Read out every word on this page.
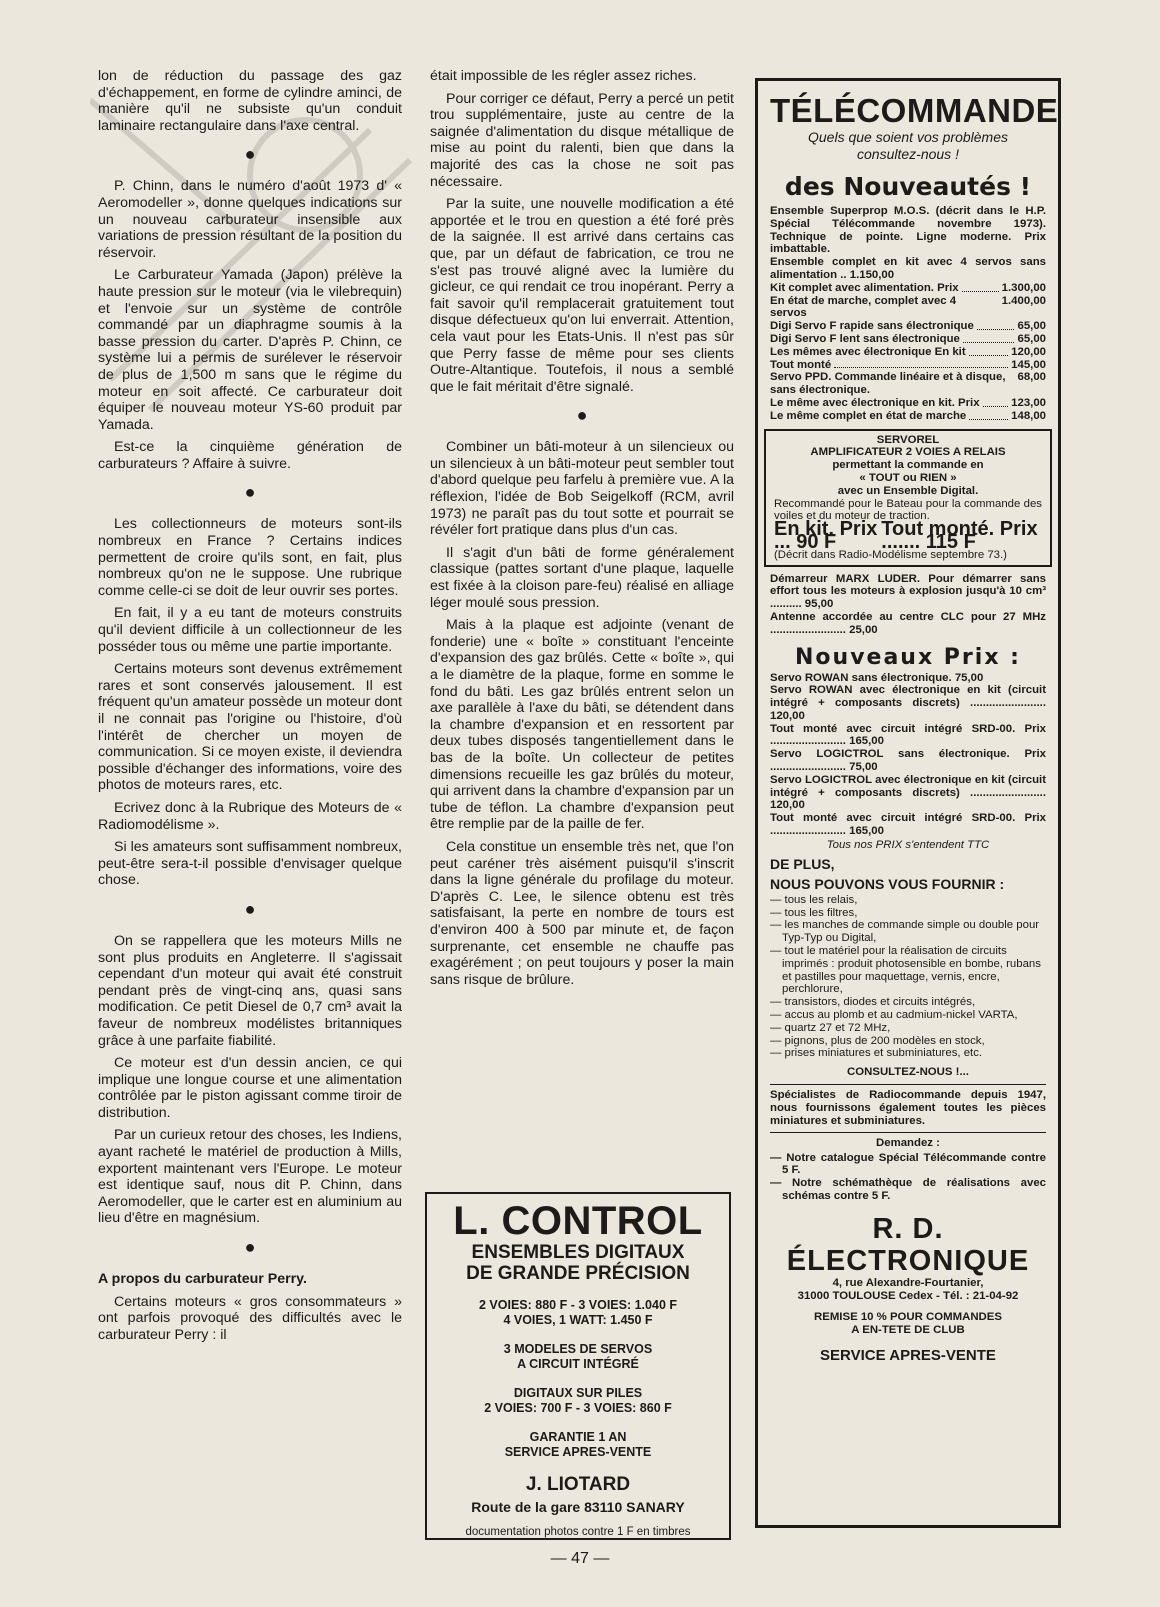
lon de réduction du passage des gaz d'échappement, en forme de cylindre aminci, de manière qu'il ne subsiste qu'un conduit laminaire rectangulaire dans l'axe central.

●

P. Chinn, dans le numéro d'août 1973 d' « Aeromodeller », donne quelques indications sur un nouveau carburateur insensible aux variations de pression résultant de la position du réservoir.

Le Carburateur Yamada (Japon) prélève la haute pression sur le moteur (via le vilebrequin) et l'envoie sur un système de contrôle commandé par un diaphragme soumis à la basse pression du carter. D'après P. Chinn, ce système lui a permis de surélever le réservoir de plus de 1,500 m sans que le régime du moteur en soit affecté. Ce carburateur doit équiper le nouveau moteur YS-60 produit par Yamada.

Est-ce la cinquième génération de carburateurs ? Affaire à suivre.

●

Les collectionneurs de moteurs sont-ils nombreux en France ? Certains indices permettent de croire qu'ils sont, en fait, plus nombreux qu'on ne le suppose. Une rubrique comme celle-ci se doit de leur ouvrir ses portes.

En fait, il y a eu tant de moteurs construits qu'il devient difficile à un collectionneur de les posséder tous ou même une partie importante.

Certains moteurs sont devenus extrêmement rares et sont conservés jalousement. Il est fréquent qu'un amateur possède un moteur dont il ne connait pas l'origine ou l'histoire, d'où l'intérêt de chercher un moyen de communication. Si ce moyen existe, il deviendra possible d'échanger des informations, voire des photos de moteurs rares, etc.

Ecrivez donc à la Rubrique des Moteurs de « Radiomodélisme ».

Si les amateurs sont suffisamment nombreux, peut-être sera-t-il possible d'envisager quelque chose.

●

On se rappellera que les moteurs Mills ne sont plus produits en Angleterre. Il s'agissait cependant d'un moteur qui avait été construit pendant près de vingt-cinq ans, quasi sans modification. Ce petit Diesel de 0,7 cm³ avait la faveur de nombreux modélistes britanniques grâce à une parfaite fiabilité.

Ce moteur est d'un dessin ancien, ce qui implique une longue course et une alimentation contrôlée par le piston agissant comme tiroir de distribution.

Par un curieux retour des choses, les Indiens, ayant racheté le matériel de production à Mills, exportent maintenant vers l'Europe. Le moteur est identique sauf, nous dit P. Chinn, dans Aeromodeller, que le carter est en aluminium au lieu d'être en magnésium.

●

A propos du carburateur Perry.

Certains moteurs « gros consommateurs » ont parfois provoqué des difficultés avec le carburateur Perry : il

était impossible de les régler assez riches.

Pour corriger ce défaut, Perry a percé un petit trou supplémentaire, juste au centre de la saignée d'alimentation du disque métallique de mise au point du ralenti, bien que dans la majorité des cas la chose ne soit pas nécessaire.

Par la suite, une nouvelle modification a été apportée et le trou en question a été foré près de la saignée. Il est arrivé dans certains cas que, par un défaut de fabrication, ce trou ne s'est pas trouvé aligné avec la lumière du gicleur, ce qui rendait ce trou inopérant. Perry a fait savoir qu'il remplacerait gratuitement tout disque défectueux qu'on lui enverrait. Attention, cela vaut pour les Etats-Unis. Il n'est pas sûr que Perry fasse de même pour ses clients Outre-Altantique. Toutefois, il nous a semblé que le fait méritait d'être signalé.

●

Combiner un bâti-moteur à un silencieux ou un silencieux à un bâti-moteur peut sembler tout d'abord quelque peu farfelu à première vue. A la réflexion, l'idée de Bob Seigelkoff (RCM, avril 1973) ne paraît pas du tout sotte et pourrait se révéler fort pratique dans plus d'un cas.

Il s'agit d'un bâti de forme généralement classique (pattes sortant d'une plaque, laquelle est fixée à la cloison pare-feu) réalisé en alliage léger moulé sous pression.

Mais à la plaque est adjointe (venant de fonderie) une « boîte » constituant l'enceinte d'expansion des gaz brûlés. Cette « boîte », qui a le diamètre de la plaque, forme en somme le fond du bâti. Les gaz brûlés entrent selon un axe parallèle à l'axe du bâti, se détendent dans la chambre d'expansion et en ressortent par deux tubes disposés tangentiellement dans le bas de la boîte. Un collecteur de petites dimensions recueille les gaz brûlés du moteur, qui arrivent dans la chambre d'expansion par un tube de téflon. La chambre d'expansion peut être remplie par de la paille de fer.

Cela constitue un ensemble très net, que l'on peut caréner très aisément puisqu'il s'inscrit dans la ligne générale du profilage du moteur. D'après C. Lee, le silence obtenu est très satisfaisant, la perte en nombre de tours est d'environ 400 à 500 par minute et, de façon surprenante, cet ensemble ne chauffe pas exagérément ; on peut toujours y poser la main sans risque de brûlure.

L. CONTROL
ENSEMBLES DIGITAUX
DE GRANDE PRÉCISION
2 VOIES: 880 F - 3 VOIES: 1.040 F
4 VOIES, 1 WATT: 1.450 F
3 MODELES DE SERVOS
A CIRCUIT INTÉGRÉ
DIGITAUX SUR PILES
2 VOIES: 700 F - 3 VOIES: 860 F
GARANTIE 1 AN
SERVICE APRES-VENTE
J. LIOTARD
Route de la gare 83110 SANARY
documentation photos contre 1 F en timbres
TÉLÉCOMMANDE
Quels que soient vos problèmes
consultez-nous !
des Nouveautés !
Ensemble Superprop M.O.S. (décrit dans le H.P. Spécial Télécommande novembre 1973). Technique de pointe. Ligne moderne. Prix imbattable.
Ensemble complet en kit avec 4 servos sans alimentation .. 1.150,00
Kit complet avec alimentation. Prix	1.300,00
En état de marche, complet avec 4 servos
1.400,00
Digi Servo F rapide sans électronique	65,00
Digi Servo F lent sans électronique	65,00
Les mêmes avec électronique En kit	120,00
Tout monté	145,00
Servo PPD. Commande linéaire et à disque, sans électronique.
68,00
Le même avec électronique en kit. Prix	123,00
Le même complet en état de marche	148,00
SERVOREL
AMPLIFICATEUR 2 VOIES A RELAIS
permettant la commande en
« TOUT ou RIEN »
avec un Ensemble Digital.
Recommandé pour le Bateau pour la commande des voiles et du moteur de traction.
En kit. Prix ... 90 F
Tout monté. Prix ....... 115 F
(Décrit dans Radio-Modélisme septembre 73.)
Démarreur MARX LUDER. Pour démarrer sans effort tous les moteurs à explosion jusqu'à 10 cm³ .......... 95,00
Antenne accordée au centre CLC pour 27 MHz ........................ 25,00
Nouveaux Prix :
Servo ROWAN sans électronique. 75,00
Servo ROWAN avec électronique en kit (circuit intégré + composants discrets) ........................ 120,00
Tout monté avec circuit intégré SRD-00. Prix ........................ 165,00
Servo LOGICTROL sans électronique. Prix ........................ 75,00
Servo LOGICTROL avec électronique en kit (circuit intégré + composants discrets) ........................ 120,00
Tout monté avec circuit intégré SRD-00. Prix ........................ 165,00
Tous nos PRIX s'entendent TTC
DE PLUS,
NOUS POUVONS VOUS FOURNIR :
— tous les relais,
— tous les filtres,
— les manches de commande simple ou double pour Typ-Typ ou Digital,
— tout le matériel pour la réalisation de circuits imprimés : produit photosensible en bombe, rubans et pastilles pour maquettage, vernis, encre, perchlorure,
— transistors, diodes et circuits intégrés,
— accus au plomb et au cadmium-nickel VARTA,
— quartz 27 et 72 MHz,
— pignons, plus de 200 modèles en stock,
— prises miniatures et subminiatures, etc.
CONSULTEZ-NOUS !...
Spécialistes de Radiocommande depuis 1947, nous fournissons également toutes les pièces miniatures et subminiatures.
Demandez :
— Notre catalogue Spécial Télécommande contre 5 F.
— Notre schémathèque de réalisations avec schémas contre 5 F.
R. D. ÉLECTRONIQUE
4, rue Alexandre-Fourtanier,
31000 TOULOUSE Cedex - Tél. : 21-04-92
REMISE 10 % POUR COMMANDES
A EN-TETE DE CLUB
SERVICE APRES-VENTE
— 47 —
